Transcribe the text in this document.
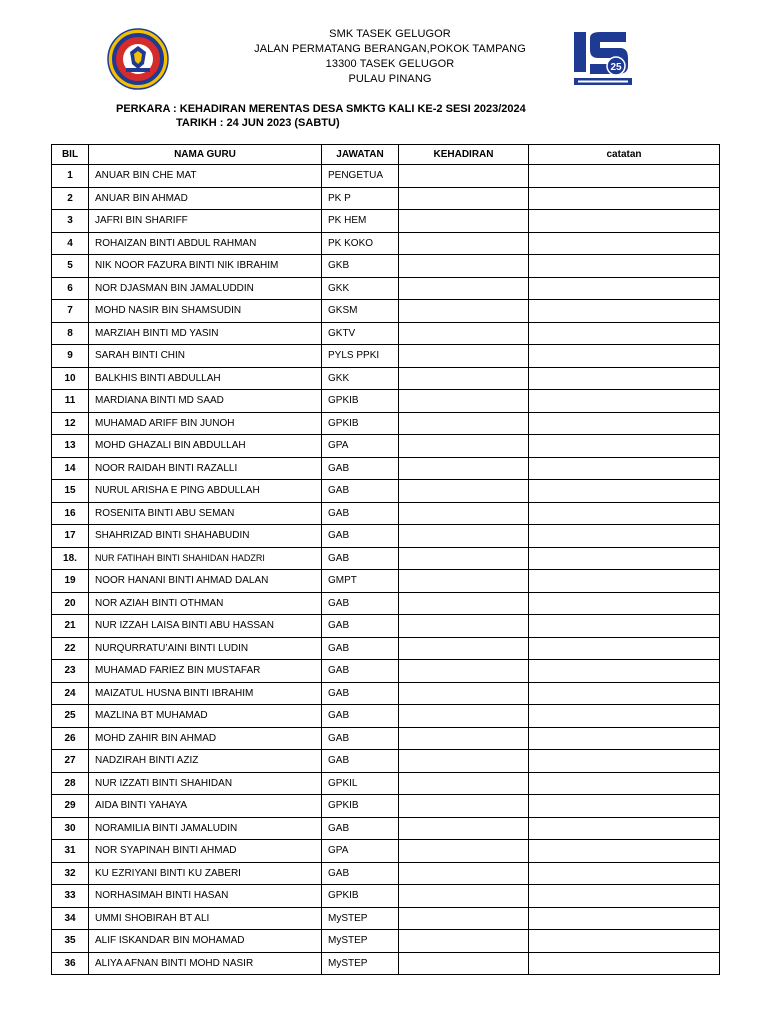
SMK TASEK GELUGOR
JALAN PERMATANG BERANGAN,POKOK TAMPANG
13300 TASEK GELUGOR
PULAU PINANG
25
PERKARA : KEHADIRAN MERENTAS DESA SMKTG KALI KE-2 SESI 2023/2024
TARIKH : 24 JUN 2023 (SABTU)
BIL	NAMA GURU	JAWATAN	KEHADIRAN	catatan
1	ANUAR BIN CHE MAT	PENGETUA		
2	ANUAR BIN AHMAD	PK P		
3	JAFRI BIN SHARIFF	PK HEM		
4	ROHAIZAN BINTI ABDUL RAHMAN	PK KOKO		
5	NIK NOOR FAZURA BINTI NIK IBRAHIM	GKB		
6	NOR DJASMAN BIN JAMALUDDIN	GKK		
7	MOHD NASIR BIN SHAMSUDIN	GKSM		
8	MARZIAH BINTI MD YASIN	GKTV		
9	SARAH BINTI CHIN	PYLS PPKI		
10	BALKHIS BINTI ABDULLAH	GKK		
11	MARDIANA BINTI MD SAAD	GPKIB		
12	MUHAMAD ARIFF BIN JUNOH	GPKIB		
13	MOHD GHAZALI BIN ABDULLAH	GPA		
14	NOOR RAIDAH BINTI RAZALLI	GAB		
15	NURUL ARISHA E PING ABDULLAH	GAB		
16	ROSENITA BINTI ABU SEMAN	GAB		
17	SHAHRIZAD BINTI SHAHABUDIN	GAB		
18.	NUR FATIHAH BINTI SHAHIDAN HADZRI	GAB		
19	NOOR HANANI BINTI AHMAD DALAN	GMPT		
20	NOR AZIAH BINTI OTHMAN	GAB		
21	NUR IZZAH LAISA BINTI ABU HASSAN	GAB		
22	NURQURRATU’AINI BINTI LUDIN	GAB		
23	MUHAMAD FARIEZ BIN MUSTAFAR	GAB		
24	MAIZATUL HUSNA BINTI IBRAHIM	GAB		
25	MAZLINA BT MUHAMAD	GAB		
26	MOHD ZAHIR BIN AHMAD	GAB		
27	NADZIRAH BINTI AZIZ	GAB		
28	NUR IZZATI BINTI SHAHIDAN	GPKIL		
29	AIDA BINTI YAHAYA	GPKIB		
30	NORAMILIA BINTI JAMALUDIN	GAB		
31	NOR SYAPINAH BINTI AHMAD	GPA		
32	KU EZRIYANI BINTI KU ZABERI	GAB		
33	NORHASIMAH BINTI HASAN	GPKIB		
34	UMMI SHOBIRAH BT ALI	MySTEP		
35	ALIF ISKANDAR BIN MOHAMAD	MySTEP		
36	ALIYA AFNAN BINTI MOHD NASIR	MySTEP		
